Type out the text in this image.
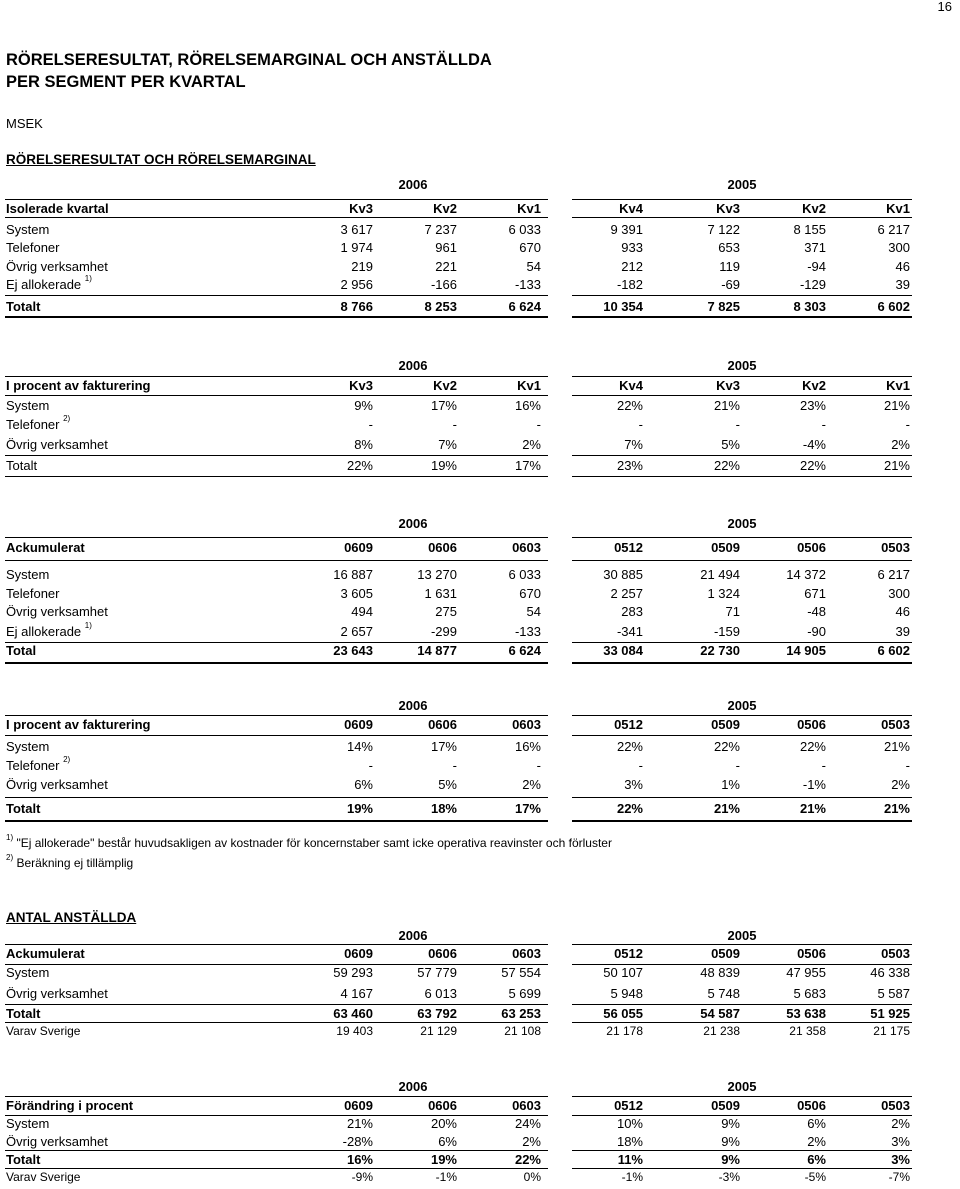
16
RÖRELSERESULTAT, RÖRELSEMARGINAL OCH ANSTÄLLDA
PER SEGMENT PER KVARTAL
MSEK
RÖRELSERESULTAT OCH RÖRELSEMARGINAL
2006	2005
Isolerade kvartal	Kv3	Kv2	Kv1	Kv4	Kv3	Kv2	Kv1
System	3 617	7 237	6 033	9 391	7 122	8 155	6 217
Telefoner	1 974	961	670	933	653	371	300
Övrig verksamhet	219	221	54	212	119	-94	46
Ej allokerade $^{1)}$	2 956	-166	-133	-182	-69	-129	39
Totalt	8 766	8 253	6 624	10 354	7 825	8 303	6 602
2006	2005
I procent av fakturering	Kv3	Kv2	Kv1	Kv4	Kv3	Kv2	Kv1
System	9%	17%	16%	22%	21%	23%	21%
Telefoner $^{2)}$	-	-	-	-	-	-	-
Övrig verksamhet	8%	7%	2%	7%	5%	-4%	2%
Totalt	22%	19%	17%	23%	22%	22%	21%
2006	2005
Ackumulerat	0609	0606	0603	0512	0509	0506	0503
System	16 887	13 270	6 033	30 885	21 494	14 372	6 217
Telefoner	3 605	1 631	670	2 257	1 324	671	300
Övrig verksamhet	494	275	54	283	71	-48	46
Ej allokerade $^{1)}$	2 657	-299	-133	-341	-159	-90	39
Total	23 643	14 877	6 624	33 084	22 730	14 905	6 602
2006	2005
I procent av fakturering	0609	0606	0603	0512	0509	0506	0503
System	14%	17%	16%	22%	22%	22%	21%
Telefoner $^{2)}$	-	-	-	-	-	-	-
Övrig verksamhet	6%	5%	2%	3%	1%	-1%	2%
Totalt	19%	18%	17%	22%	21%	21%	21%
2006	2005
Ackumulerat	0609	0606	0603	0512	0509	0506	0503
System	59 293	57 779	57 554	50 107	48 839	47 955	46 338
Övrig verksamhet	4 167	6 013	5 699	5 948	5 748	5 683	5 587
Totalt	63 460	63 792	63 253	56 055	54 587	53 638	51 925
Varav Sverige	19 403	21 129	21 108	21 178	21 238	21 358	21 175
2006	2005
Förändring i procent	0609	0606	0603	0512	0509	0506	0503
System	21%	20%	24%	10%	9%	6%	2%
Övrig verksamhet	-28%	6%	2%	18%	9%	2%	3%
Totalt	16%	19%	22%	11%	9%	6%	3%
Varav Sverige	-9%	-1%	0%	-1%	-3%	-5%	-7%
$^{1)}$ "Ej allokerade" består huvudsakligen av kostnader för koncernstaber samt icke operativa reavinster och förluster
$^{2)}$ Beräkning ej tillämplig
ANTAL ANSTÄLLDA
